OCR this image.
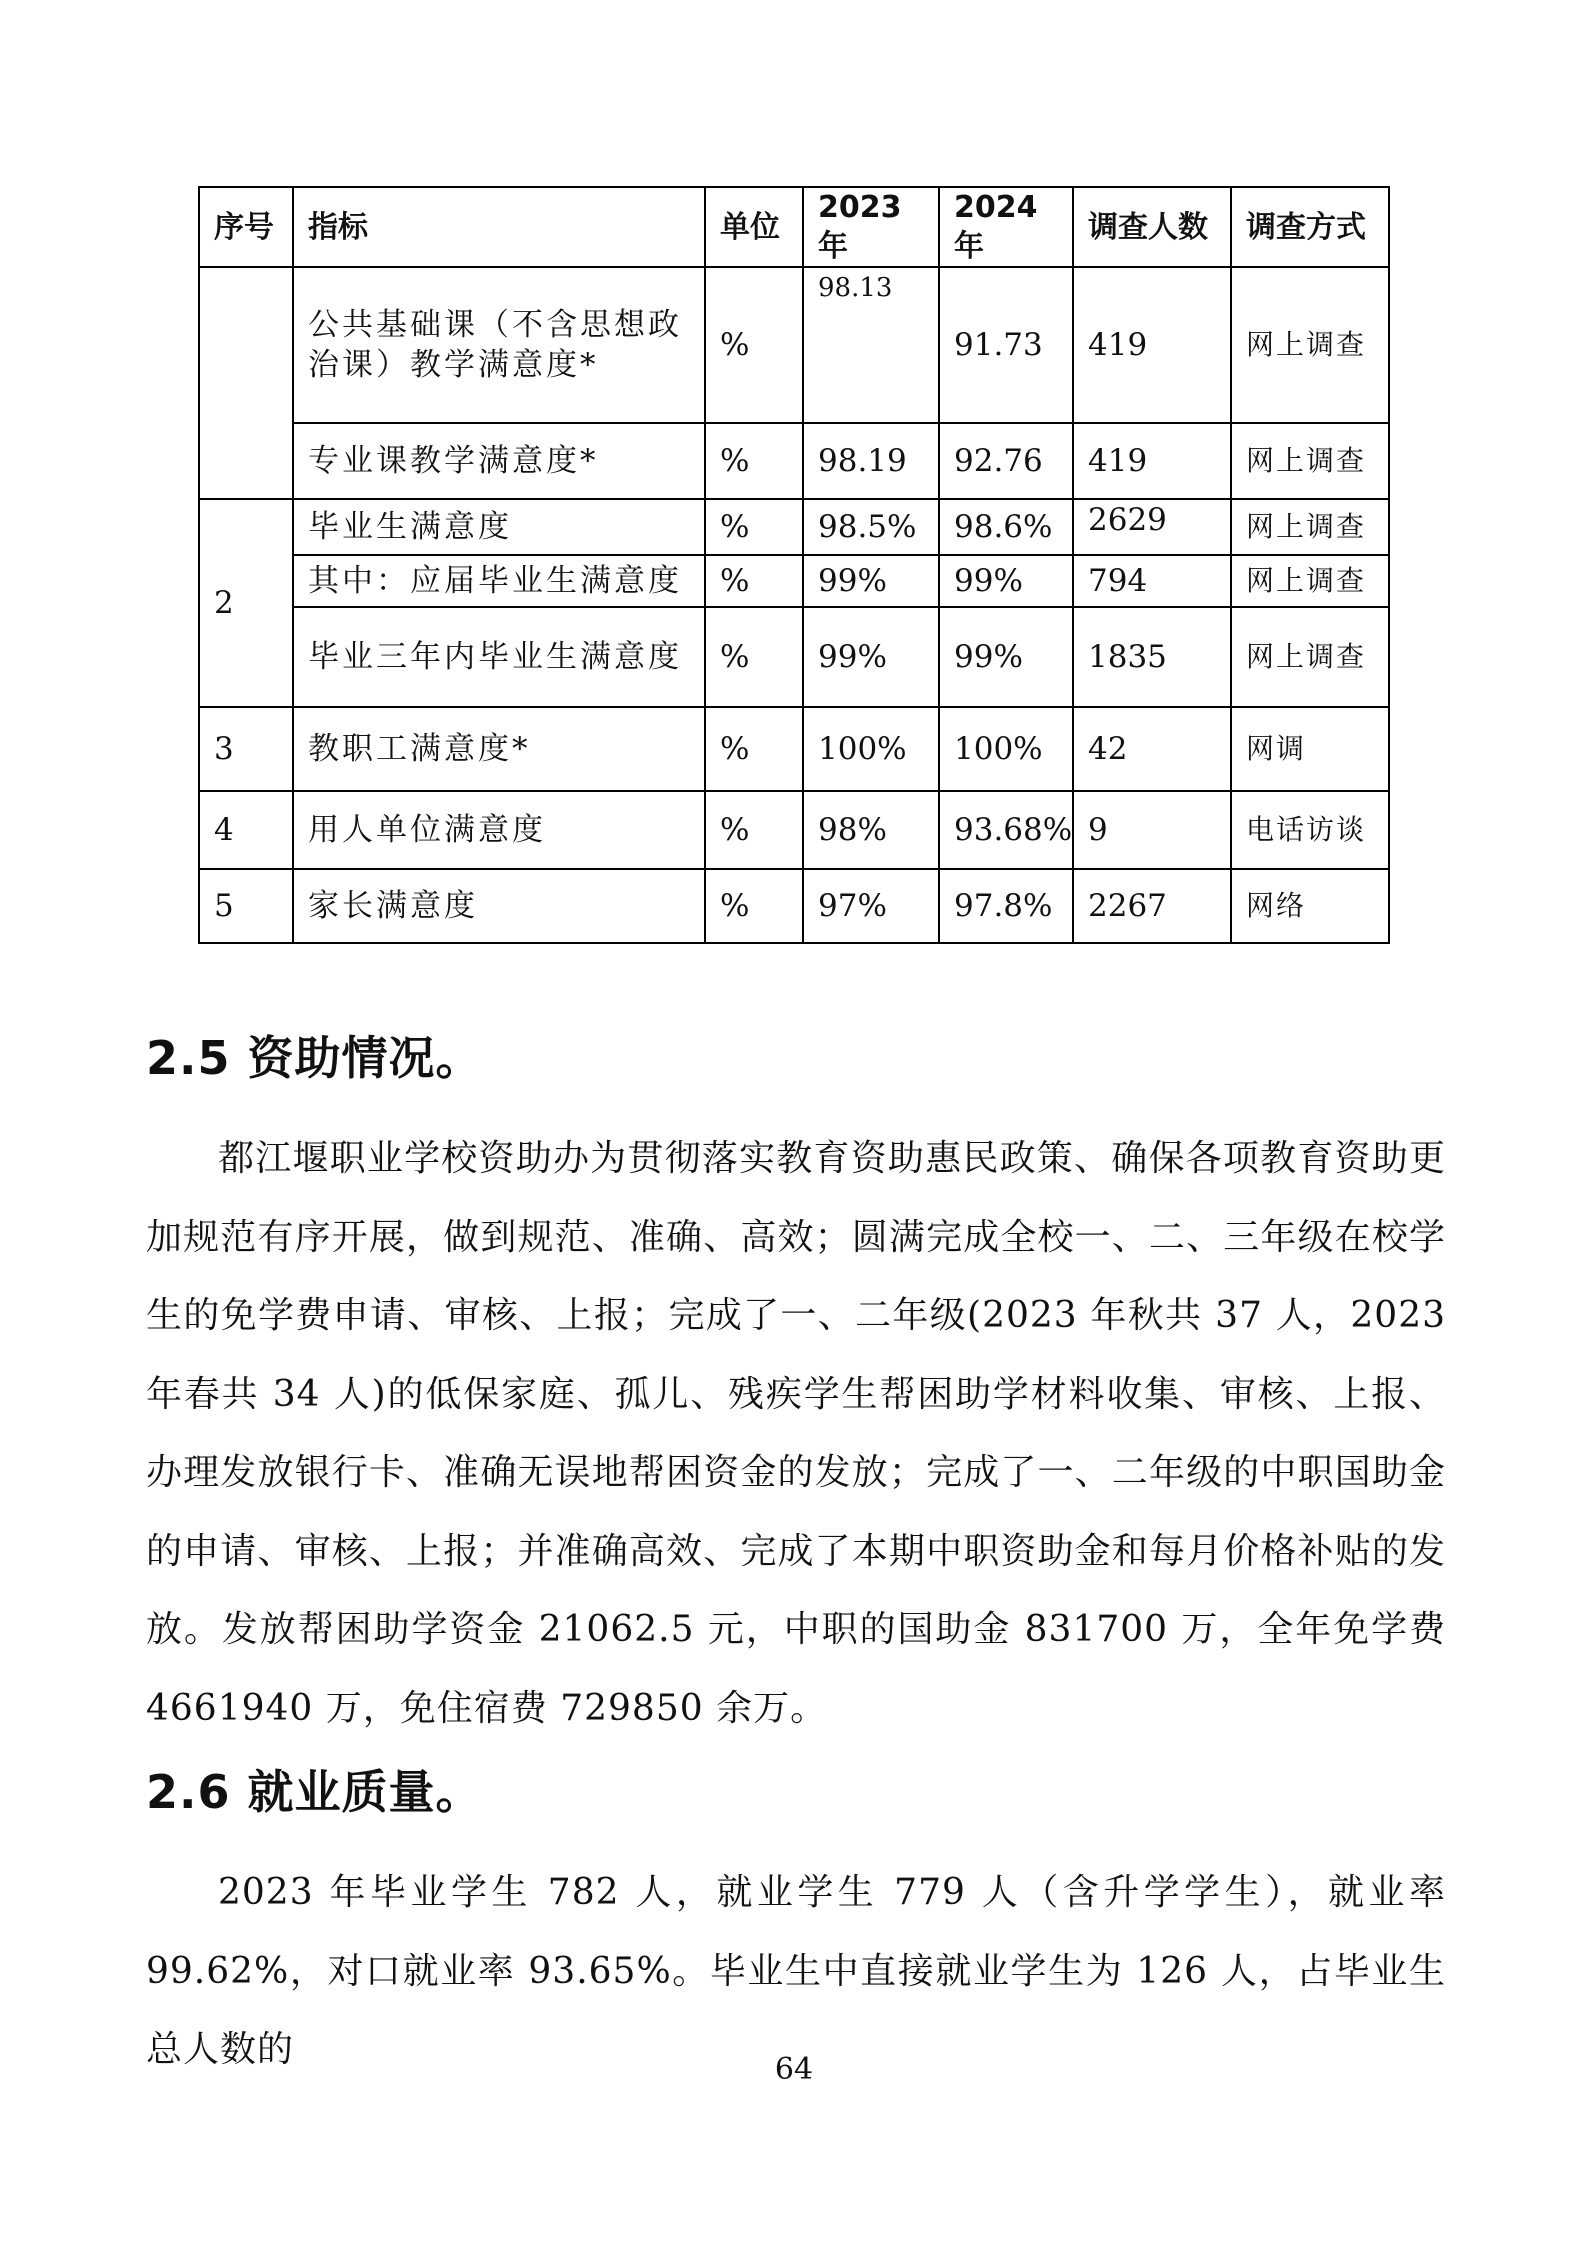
序号	指标	单位	2023 年	2024 年	调查人数	调查方式
	公共基础课（不含思想政治课）教学满意度*	%	98.13	91.73	419	网上调查
	专业课教学满意度*	%	98.19	92.76	419	网上调查
2	毕业生满意度	%	98.5%	98.6%	2629	网上调查
	其中：应届毕业生满意度	%	99%	99%	794	网上调查
	毕业三年内毕业生满意度	%	99%	99%	1835	网上调查
3	教职工满意度*	%	100%	100%	42	网调
4	用人单位满意度	%	98%	93.68%	9	电话访谈
5	家长满意度	%	97%	97.8%	2267	网络
2.5 资助情况。

都江堰职业学校资助办为贯彻落实教育资助惠民政策、确保各项教育资助更加规范有序开展，做到规范、准确、高效；圆满完成全校一、二、三年级在校学生的免学费申请、审核、上报；完成了一、二年级(2023 年秋共 37 人，2023 年春共 34 人)的低保家庭、孤儿、残疾学生帮困助学材料收集、审核、上报、办理发放银行卡、准确无误地帮困资金的发放；完成了一、二年级的中职国助金的申请、审核、上报；并准确高效、完成了本期中职资助金和每月价格补贴的发放。发放帮困助学资金 21062.5 元，中职的国助金 831700 万，全年免学费 4661940 万，免住宿费 729850 余万。

2.6 就业质量。

2023 年毕业学生 782 人，就业学生 779 人（含升学学生），就业率 99.62%，对口就业率 93.65%。毕业生中直接就业学生为 126 人，占毕业生总人数的	64
